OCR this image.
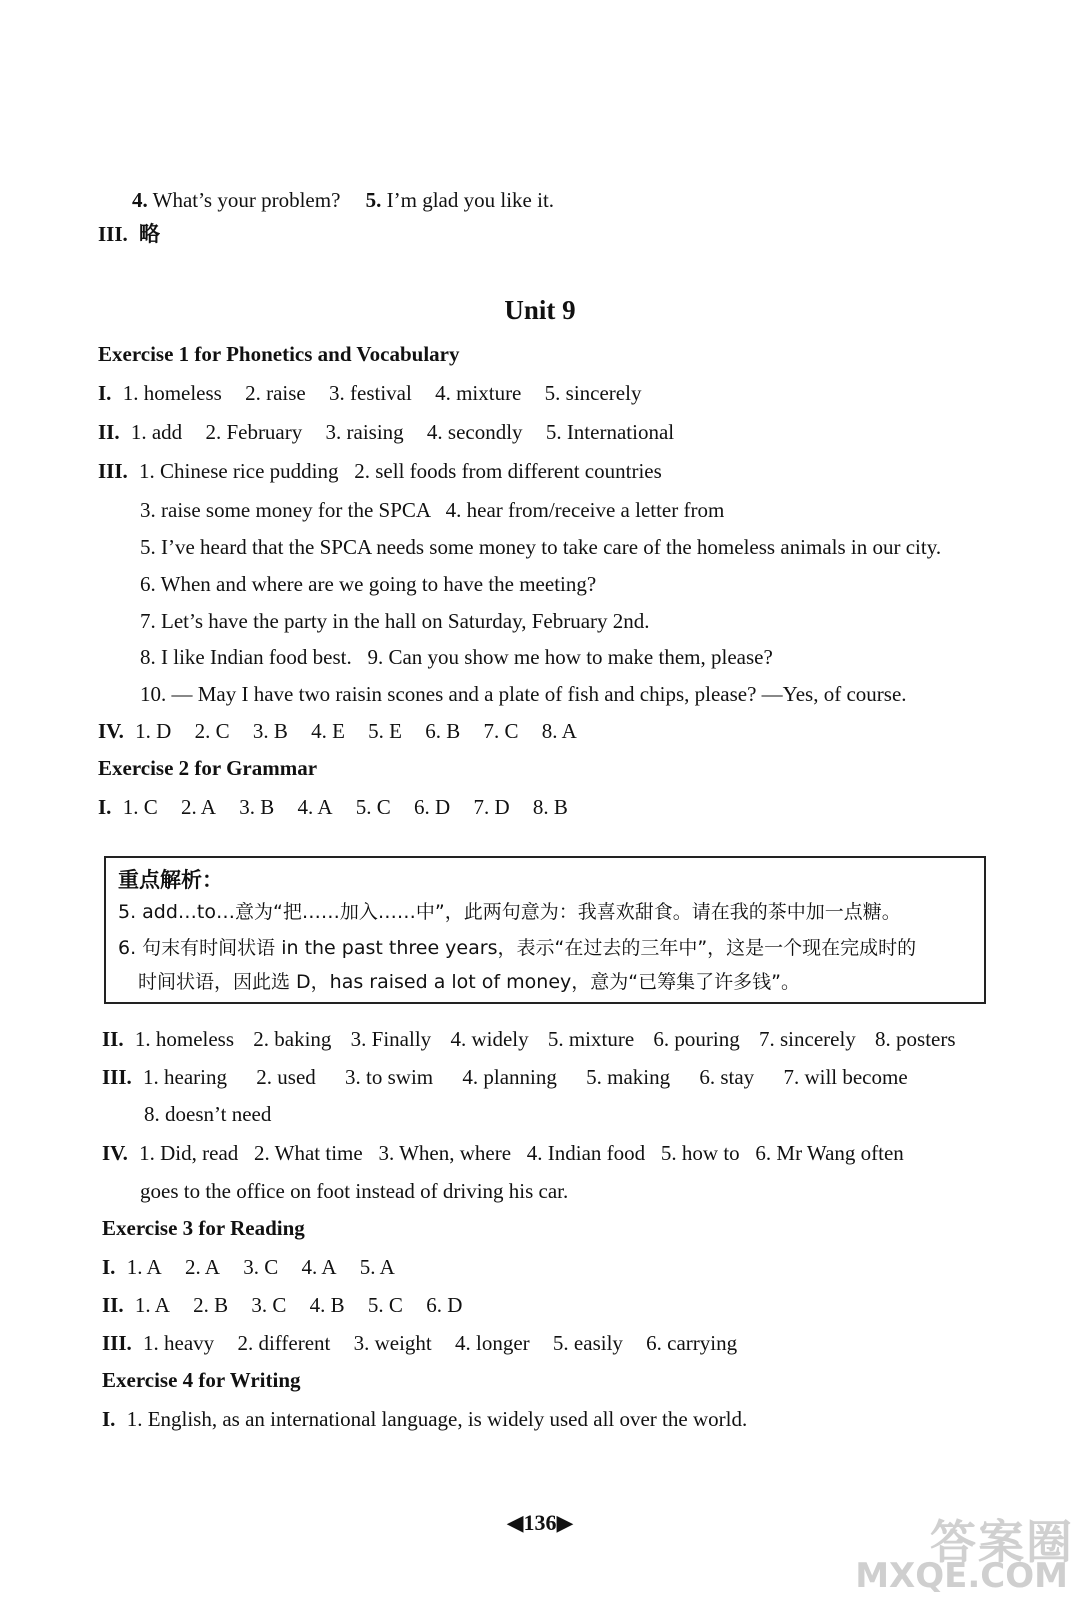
4. What’s your problem? 5. I’m glad you like it.
III. 略
Unit 9
Exercise 1 for Phonetics and Vocabulary
I. 1. homeless 2. raise 3. festival 4. mixture 5. sincerely
II. 1. add 2. February 3. raising 4. secondly 5. International
III. 1. Chinese rice pudding   2. sell foods from different countries
3. raise some money for the SPCA   4. hear from/receive a letter from
5. I’ve heard that the SPCA needs some money to take care of the homeless animals in our city.
6. When and where are we going to have the meeting?
7. Let’s have the party in the hall on Saturday, February 2nd.
8. I like Indian food best.   9. Can you show me how to make them, please?
10. — May I have two raisin scones and a plate of fish and chips, please? —Yes, of course.
IV. 1. D 2. C 3. B 4. E 5. E 6. B 7. C 8. A
Exercise 2 for Grammar
I. 1. C 2. A 3. B 4. A 5. C 6. D 7. D 8. B
重点解析：
5. add…to…意为“把……加入……中”，此两句意为：我喜欢甜食。请在我的茶中加一点糖。
6. 句末有时间状语 in the past three years，表示“在过去的三年中”，这是一个现在完成时的
时间状语，因此选 D，has raised a lot of money，意为“已筹集了许多钱”。
II. 1. homeless 2. baking 3. Finally 4. widely 5. mixture 6. pouring 7. sincerely 8. posters
III. 1. hearing 2. used 3. to swim 4. planning 5. making 6. stay 7. will become
8. doesn’t need
IV. 1. Did, read   2. What time   3. When, where   4. Indian food   5. how to   6. Mr Wang often
goes to the office on foot instead of driving his car.
Exercise 3 for Reading
I. 1. A 2. A 3. C 4. A 5. A
II. 1. A 2. B 3. C 4. B 5. C 6. D
III. 1. heavy 2. different 3. weight 4. longer 5. easily 6. carrying
Exercise 4 for Writing
I. 1. English, as an international language, is widely used all over the world.
◀136▶	答案圈
MXQE.COM
